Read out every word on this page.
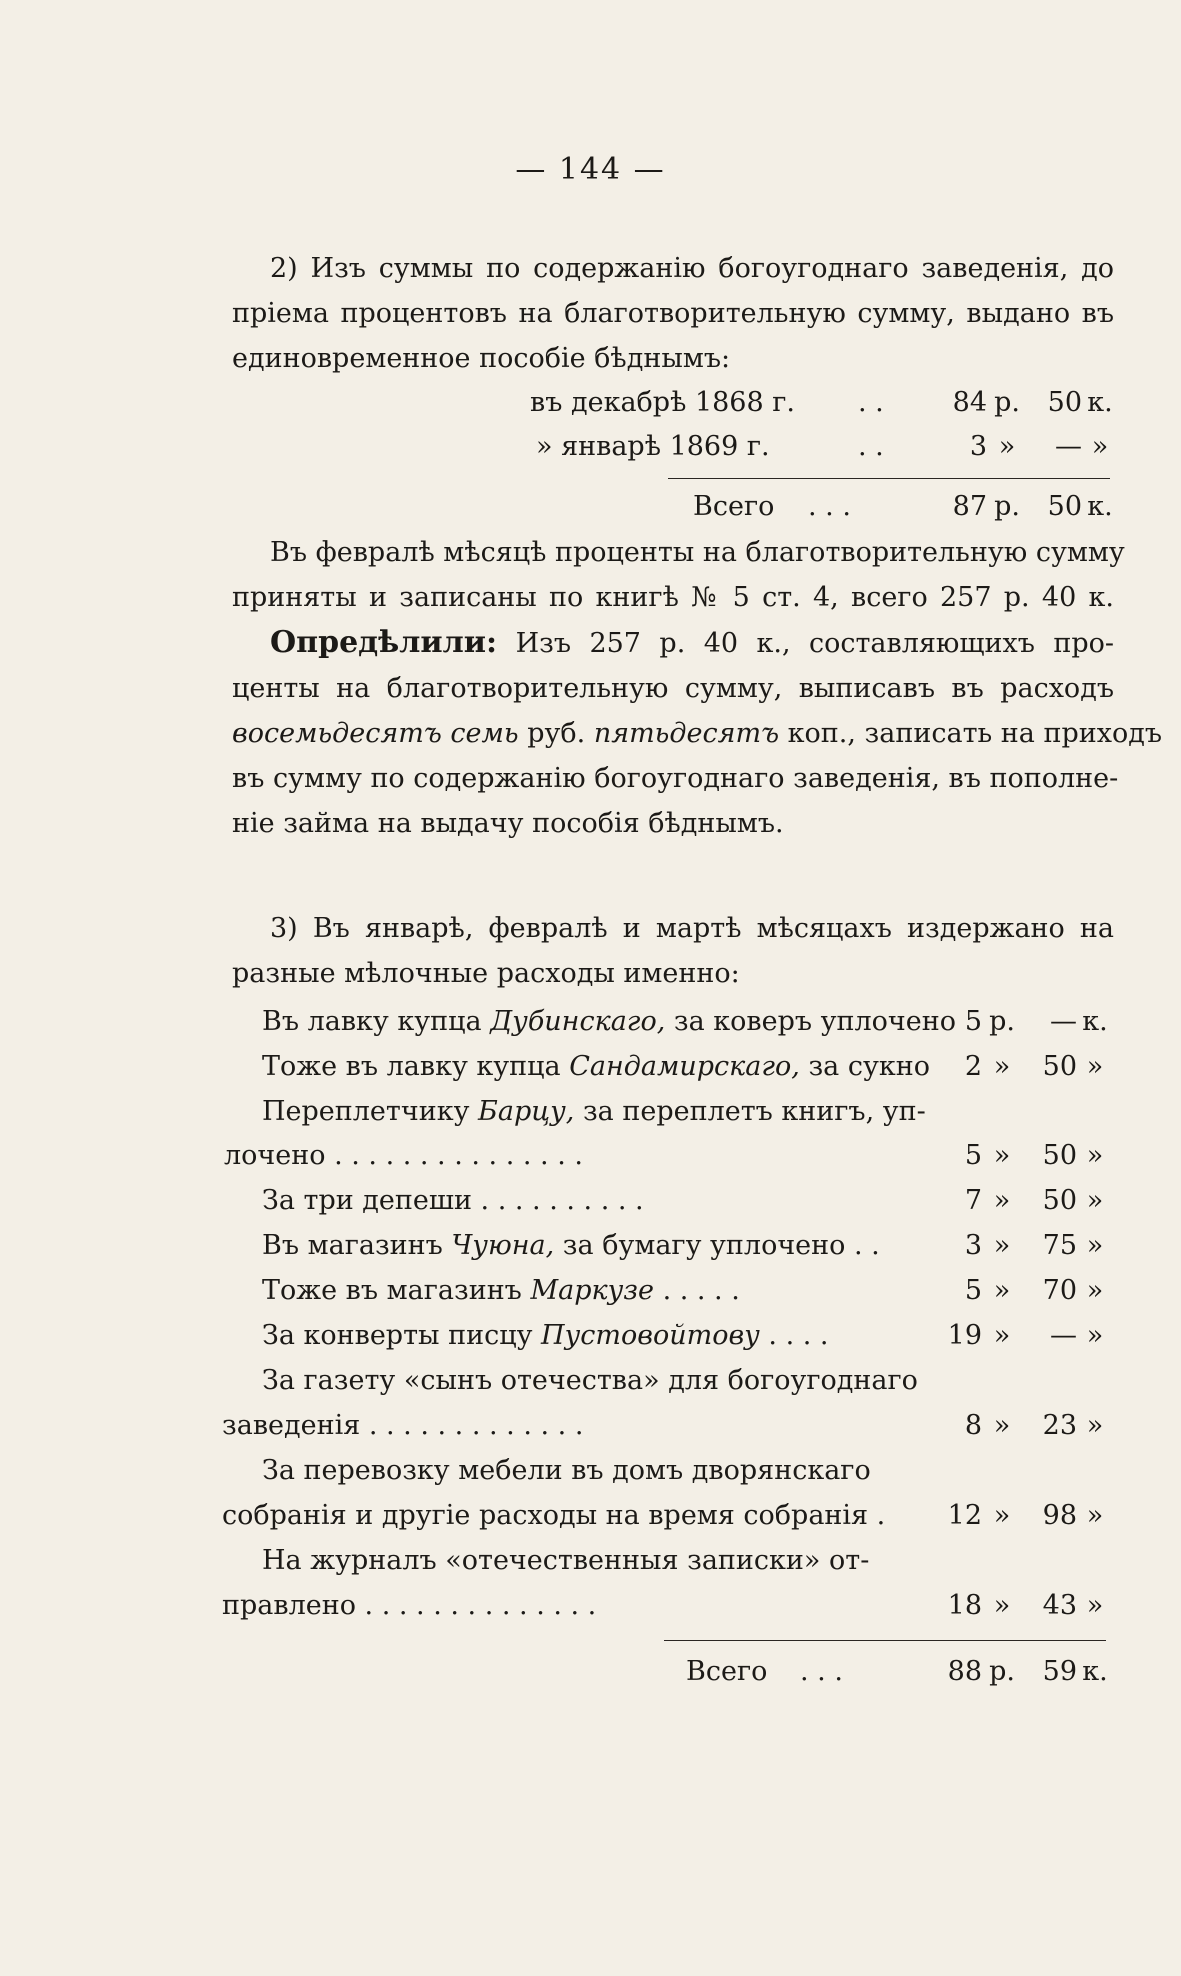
— 144 —
2) Изъ суммы по содержанію богоугоднаго заведенія, до
пріема процентовъ на благотворительную сумму, выдано въ
единовременное пособіе бѣднымъ:
въ декабрѣ 1868 г. . .	84 р.	50 к.
» январѣ 1869 г.	. .	3 »	— »
Всего . . .	87 р.	50 к.
Въ февралѣ мѣсяцѣ проценты на благотворительную сумму
приняты и записаны по книгѣ № 5 ст. 4, всего 257 р. 40 к.
Опредѣлили: Изъ 257 р. 40 к., составляющихъ про-
центы на благотворительную сумму, выписавъ въ расходъ
восемьдесятъ семь руб. пятьдесятъ коп., записать на приходъ
въ сумму по содержанію богоугоднаго заведенія, въ пополне-
ніе займа на выдачу пособія бѣднымъ.
3) Въ январѣ, февралѣ и мартѣ мѣсяцахъ издержано на
разные мѣлочные расходы именно:
Въ лавку купца Дубинскаго, за коверъ уплочено 5 р.	— к.
Тоже въ лавку купца Сандамирскаго, за сукно	2 »	50 »
Переплетчику Барцу, за переплетъ книгъ, уп-
лочено . . . . . . . . . . . . . . .	5 »	50 »
За три депеши . . . . . . . . . .	7 »	50 »
Въ магазинъ Чуюна, за бумагу уплочено . .	3 »	75 »
Тоже въ магазинъ Маркузе . . . . .	5 »	70 »
За конверты писцу Пустовойтову . . . .	19 »	— »
За газету «сынъ отечества» для богоугоднаго
заведенія . . . . . . . . . . . . .	8 »	23 »
За перевозку мебели въ домъ дворянскаго
собранія и другіе расходы на время собранія . 12 »	98 »
На журналъ «отечественныя записки» от-
правлено . . . . . . . . . . . . . .	18 »	43 »
Всего . . .	88 р.	59 к.
